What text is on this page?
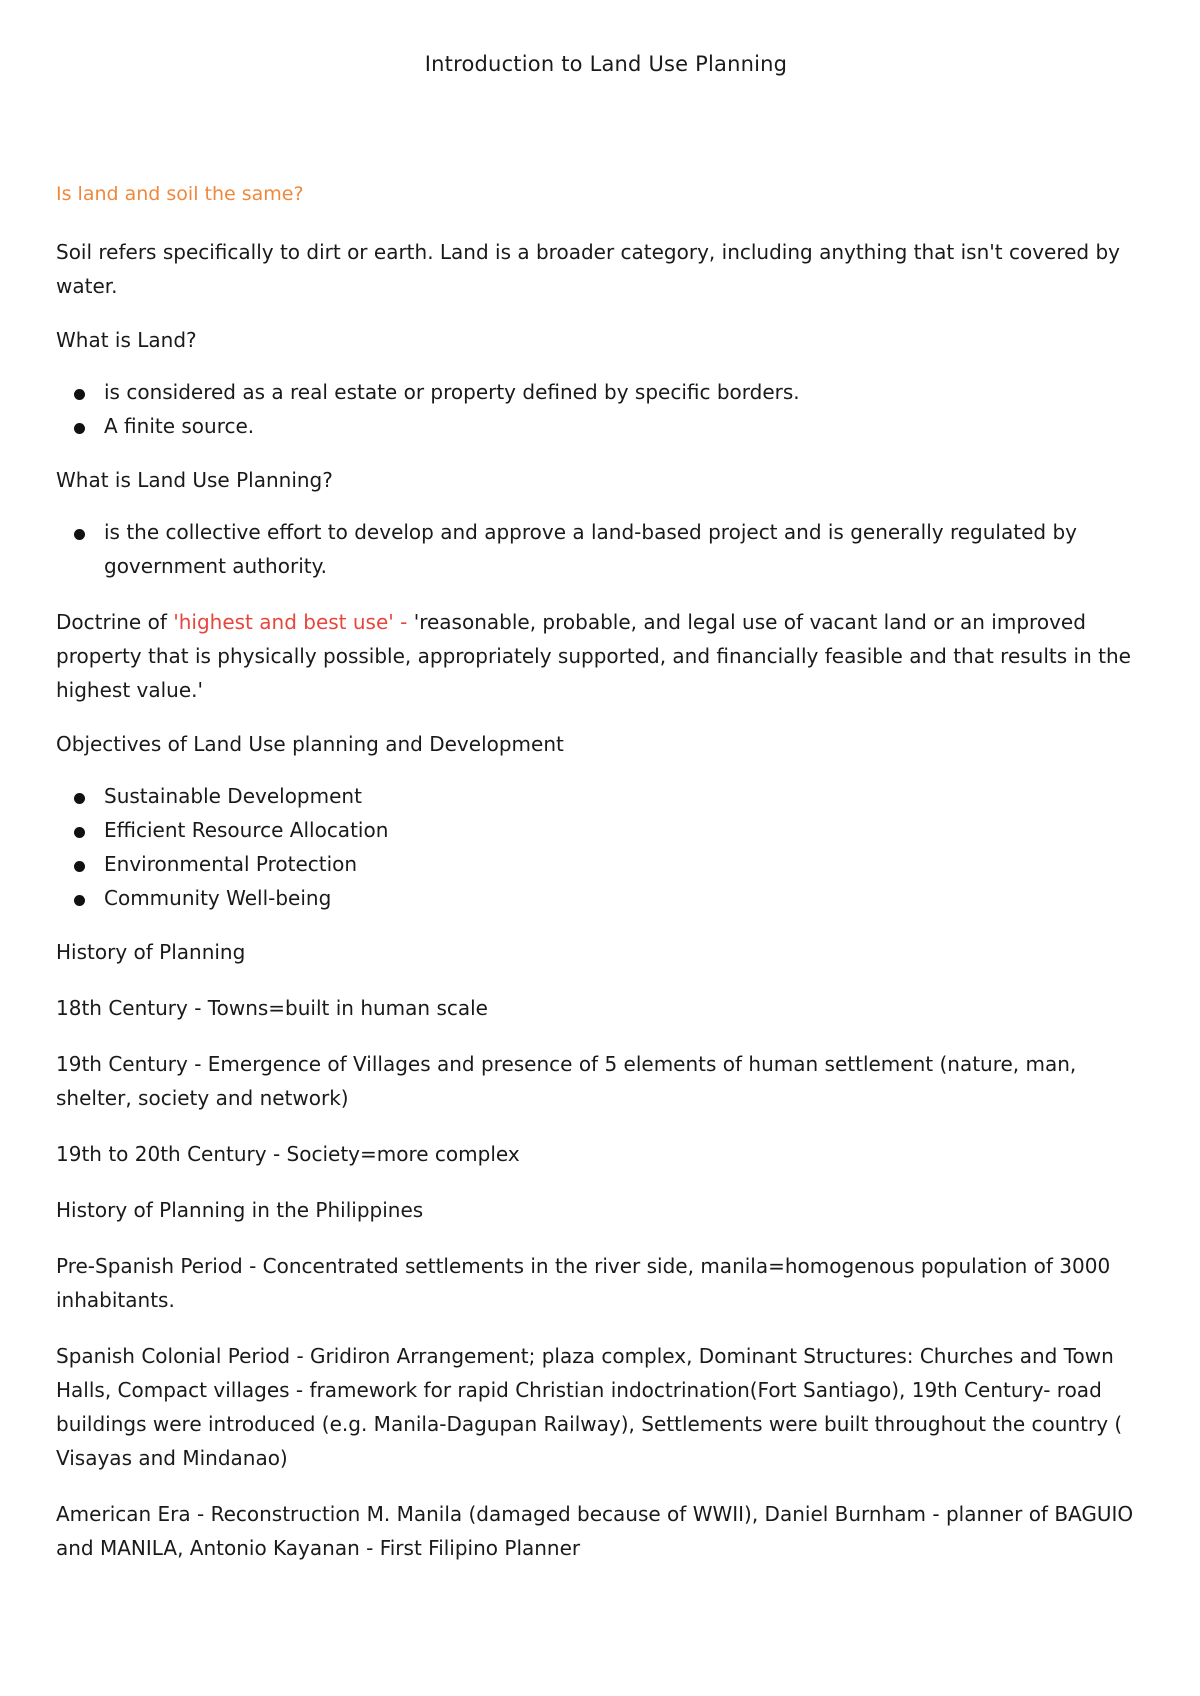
Introduction to Land Use Planning
Is land and soil the same?

Soil refers specifically to dirt or earth. Land is a broader category, including anything that isn't covered by water.

What is Land?

is considered as a real estate or property defined by specific borders.
A finite source.

What is Land Use Planning?

is the collective effort to develop and approve a land-based project and is generally regulated by government authority.

Doctrine of 'highest and best use' - 'reasonable, probable, and legal use of vacant land or an improved property that is physically possible, appropriately supported, and financially feasible and that results in the highest value.'

Objectives of Land Use planning and Development

Sustainable Development
Efficient Resource Allocation
Environmental Protection
Community Well-being

History of Planning

18th Century - Towns=built in human scale

19th Century - Emergence of Villages and presence of 5 elements of human settlement (nature, man, shelter, society and network)

19th to 20th Century - Society=more complex

History of Planning in the Philippines

Pre-Spanish Period - Concentrated settlements in the river side, manila=homogenous population of 3000 inhabitants.

Spanish Colonial Period - Gridiron Arrangement; plaza complex, Dominant Structures: Churches and Town Halls, Compact villages - framework for rapid Christian indoctrination(Fort Santiago), 19th Century- road buildings were introduced (e.g. Manila-Dagupan Railway), Settlements were built throughout the country ( Visayas and Mindanao)

American Era - Reconstruction M. Manila (damaged because of WWII), Daniel Burnham - planner of BAGUIO and MANILA, Antonio Kayanan - First Filipino Planner
